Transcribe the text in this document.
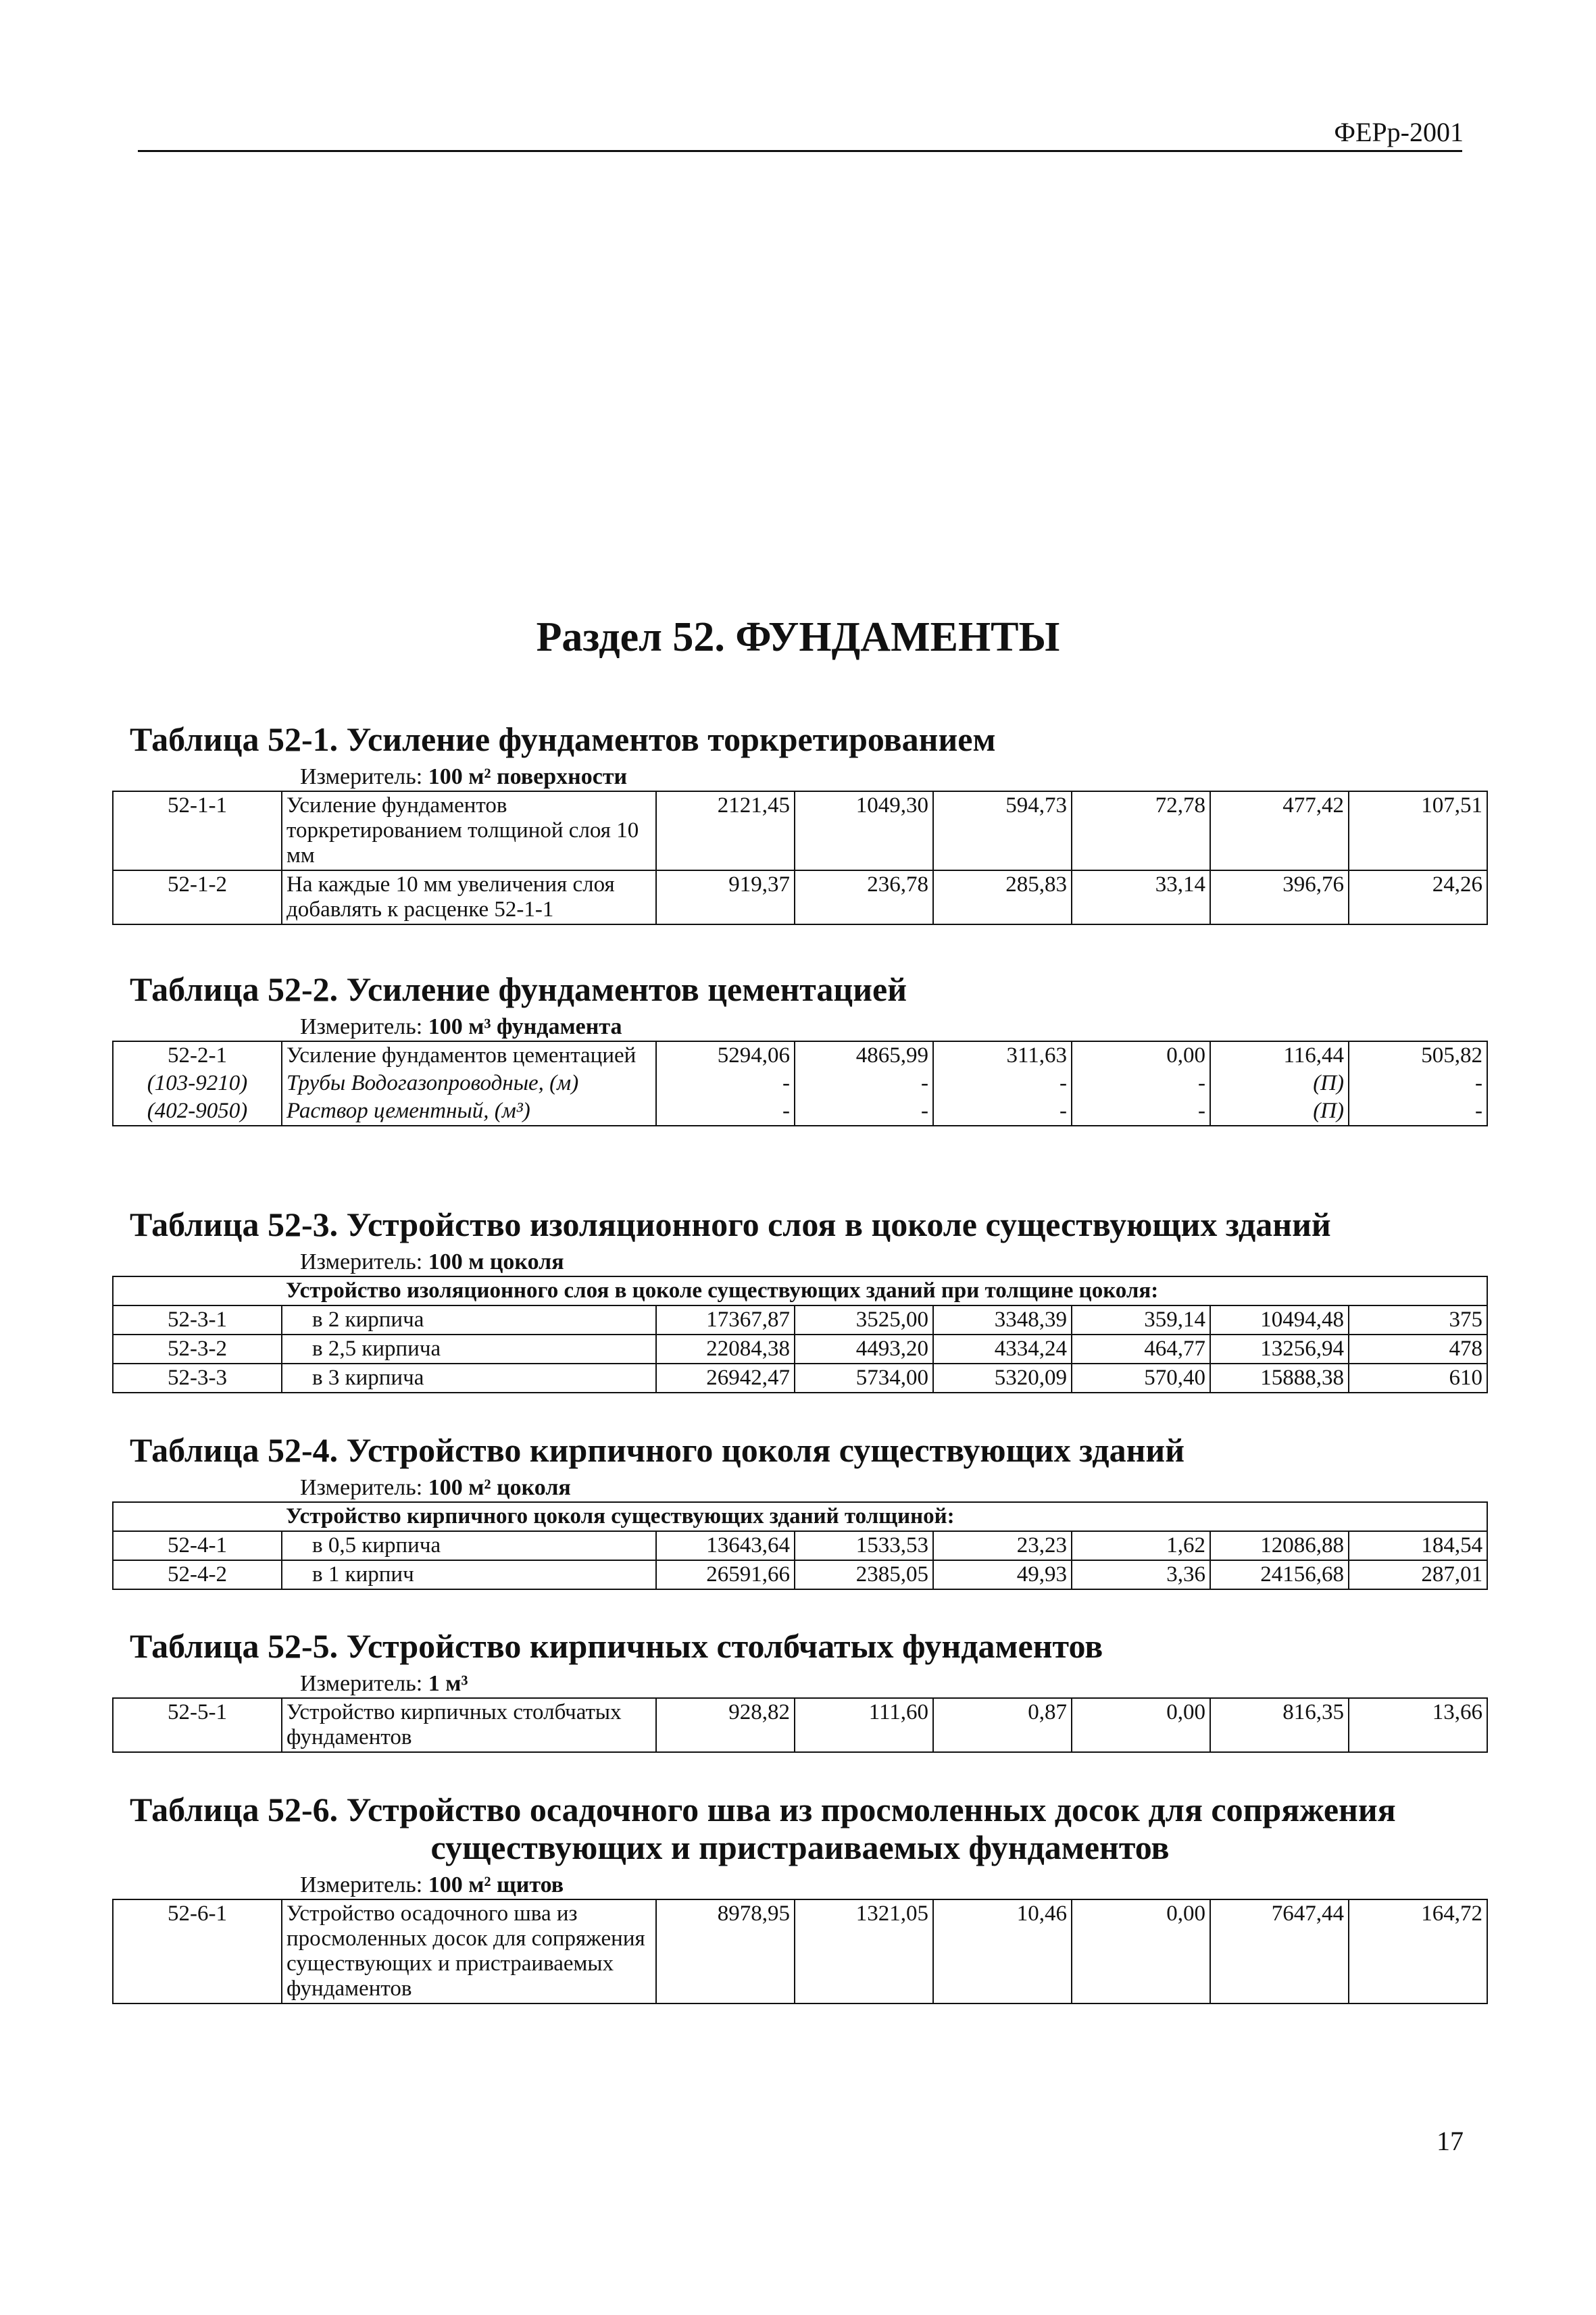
ФЕРр-2001
Раздел 52. ФУНДАМЕНТЫ
Таблица 52-1. Усиление фундаментов торкретированием
Измеритель: 100 м² поверхности
52-1-1	Усиление фундаментов торкретированием толщиной слоя 10 мм	2121,45	1049,30	594,73	72,78	477,42	107,51
52-1-2	На каждые 10 мм увеличения слоя добавлять к расценке 52-1-1	919,37	236,78	285,83	33,14	396,76	24,26
Таблица 52-2. Усиление фундаментов цементацией
Измеритель: 100 м³ фундамента
52-2-1	Усиление фундаментов цементацией	5294,06	4865,99	311,63	0,00	116,44	505,82
(103-9210)	Трубы Водогазопроводные, (м)	-	-	-	-	(П)	-
(402-9050)	Раствор цементный, (м³)	-	-	-	-	(П)	-
Таблица 52-3. Устройство изоляционного слоя в цоколе существующих зданий
Измеритель: 100 м цоколя
	Устройство изоляционного слоя в цоколе существующих зданий при толщине цоколя:						
52-3-1	в 2 кирпича	17367,87	3525,00	3348,39	359,14	10494,48	375
52-3-2	в 2,5 кирпича	22084,38	4493,20	4334,24	464,77	13256,94	478
52-3-3	в 3 кирпича	26942,47	5734,00	5320,09	570,40	15888,38	610
Таблица 52-4. Устройство кирпичного цоколя существующих зданий
Измеритель: 100 м² цоколя
	Устройство кирпичного цоколя существующих зданий толщиной:						
52-4-1	в 0,5 кирпича	13643,64	1533,53	23,23	1,62	12086,88	184,54
52-4-2	в 1 кирпич	26591,66	2385,05	49,93	3,36	24156,68	287,01
Таблица 52-5. Устройство кирпичных столбчатых фундаментов
Измеритель: 1 м³
52-5-1	Устройство кирпичных столбчатых фундаментов	928,82	111,60	0,87	0,00	816,35	13,66
Таблица 52-6. Устройство осадочного шва из просмоленных досок для сопряжения
существующих и пристраиваемых фундаментов
Измеритель: 100 м² щитов
52-6-1	Устройство осадочного шва из просмоленных досок для сопряжения существующих и пристраиваемых фундаментов	8978,95	1321,05	10,46	0,00	7647,44	164,72
17
